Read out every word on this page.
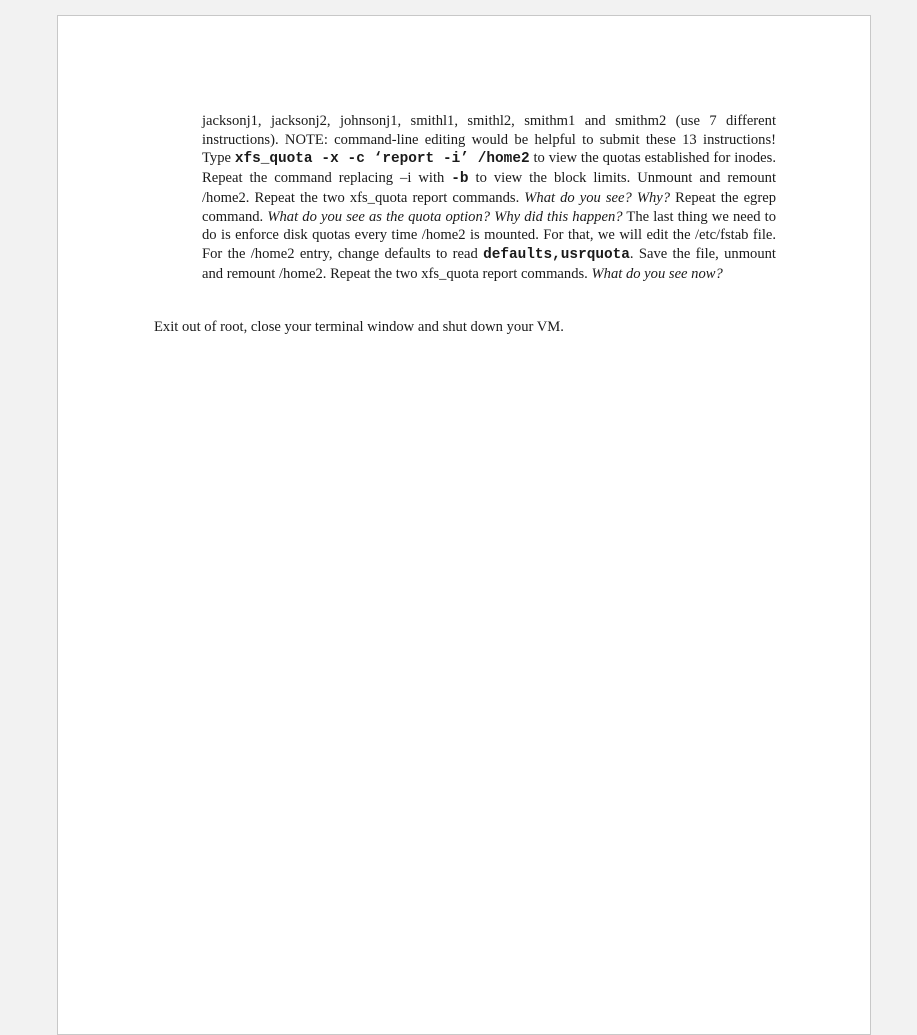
jacksonj1, jacksonj2, johnsonj1, smithl1, smithl2, smithm1 and smithm2 (use 7 different instructions). NOTE: command-line editing would be helpful to submit these 13 instructions! Type xfs_quota -x -c ‘report -i’ /home2 to view the quotas established for inodes. Repeat the command replacing –i with -b to view the block limits. Unmount and remount /home2. Repeat the two xfs_quota report commands. What do you see? Why? Repeat the egrep command. What do you see as the quota option? Why did this happen? The last thing we need to do is enforce disk quotas every time /home2 is mounted. For that, we will edit the /etc/fstab file. For the /home2 entry, change defaults to read defaults,usrquota. Save the file, unmount and remount /home2. Repeat the two xfs_quota report commands. What do you see now?

Exit out of root, close your terminal window and shut down your VM.
